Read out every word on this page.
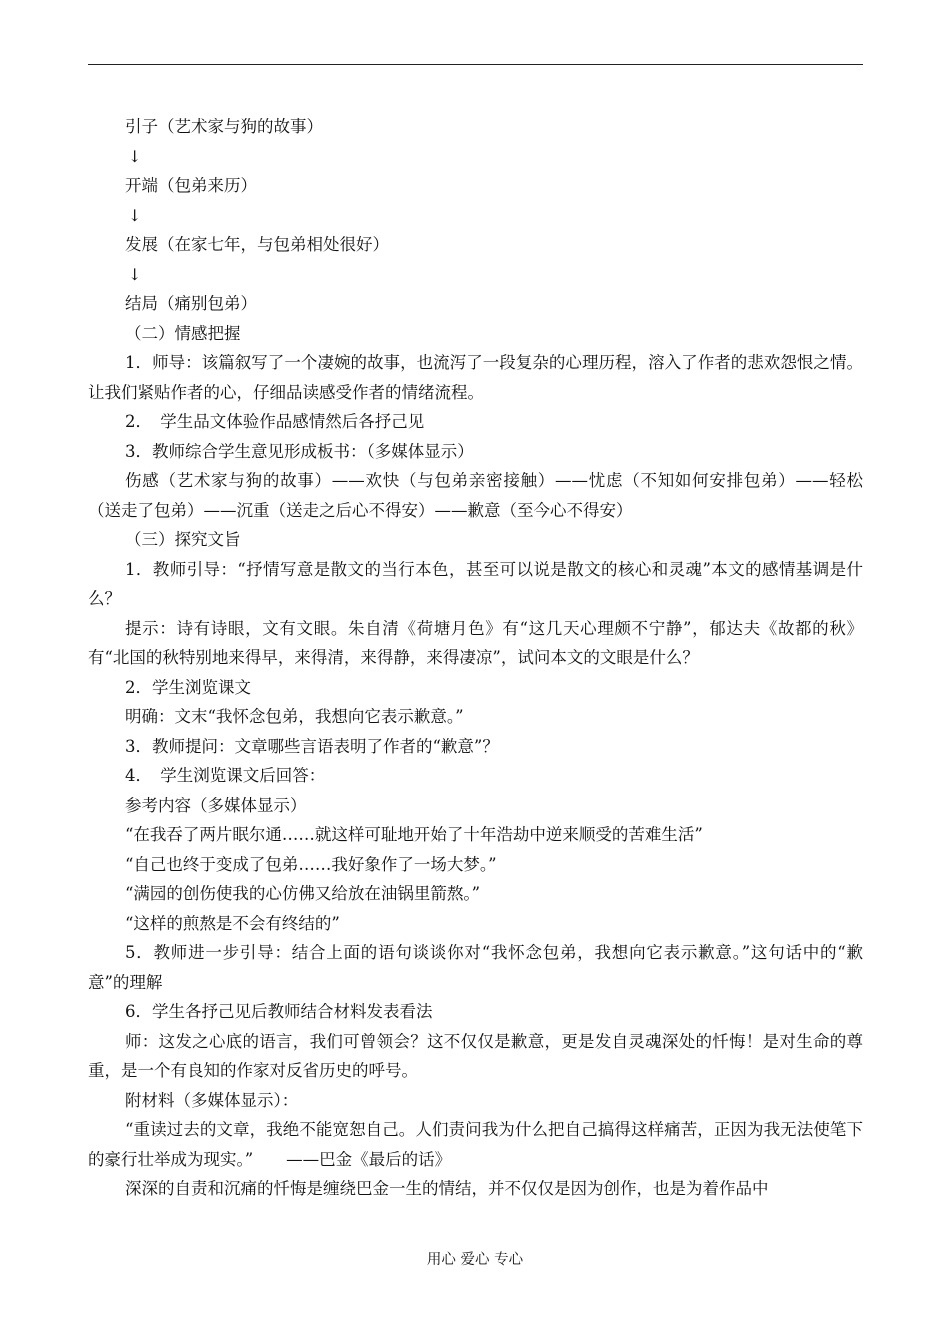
引子（艺术家与狗的故事）

↓

开端（包弟来历）

↓

发展（在家七年，与包弟相处很好）

↓

结局（痛别包弟）

（二）情感把握

1．师导：该篇叙写了一个凄婉的故事，也流泻了一段复杂的心理历程，溶入了作者的悲欢怨恨之情。让我们紧贴作者的心，仔细品读感受作者的情绪流程。

2．　学生品文体验作品感情然后各抒己见

3．教师综合学生意见形成板书：（多媒体显示）

伤感（艺术家与狗的故事）——欢快（与包弟亲密接触）——忧虑（不知如何安排包弟）——轻松（送走了包弟）——沉重（送走之后心不得安）——歉意（至今心不得安）

（三）探究文旨

1．教师引导：“抒情写意是散文的当行本色，甚至可以说是散文的核心和灵魂”本文的感情基调是什么？

提示：诗有诗眼，文有文眼。朱自清《荷塘月色》有“这几天心理颇不宁静”，郁达夫《故都的秋》有“北国的秋特别地来得早，来得清，来得静，来得凄凉”，试问本文的文眼是什么？

2．学生浏览课文

明确：文末“我怀念包弟，我想向它表示歉意。”

3．教师提问：文章哪些言语表明了作者的“歉意”？

4．　学生浏览课文后回答：

参考内容（多媒体显示）

“在我吞了两片眠尔通……就这样可耻地开始了十年浩劫中逆来顺受的苦难生活”

“自己也终于变成了包弟……我好象作了一场大梦。”

“满园的创伤使我的心仿佛又给放在油锅里箭熬。”

“这样的煎熬是不会有终结的”

5．教师进一步引导：结合上面的语句谈谈你对“我怀念包弟，我想向它表示歉意。”这句话中的“歉意”的理解

6．学生各抒己见后教师结合材料发表看法

师：这发之心底的语言，我们可曾领会？这不仅仅是歉意，更是发自灵魂深处的忏悔！是对生命的尊重，是一个有良知的作家对反省历史的呼号。

附材料（多媒体显示）：

“重读过去的文章，我绝不能宽恕自己。人们责问我为什么把自己搞得这样痛苦，正因为我无法使笔下的豪行壮举成为现实。”　　——巴金《最后的话》

深深的自责和沉痛的忏悔是缠绕巴金一生的情结，并不仅仅是因为创作，也是为着作品中

用心 爱心 专心
